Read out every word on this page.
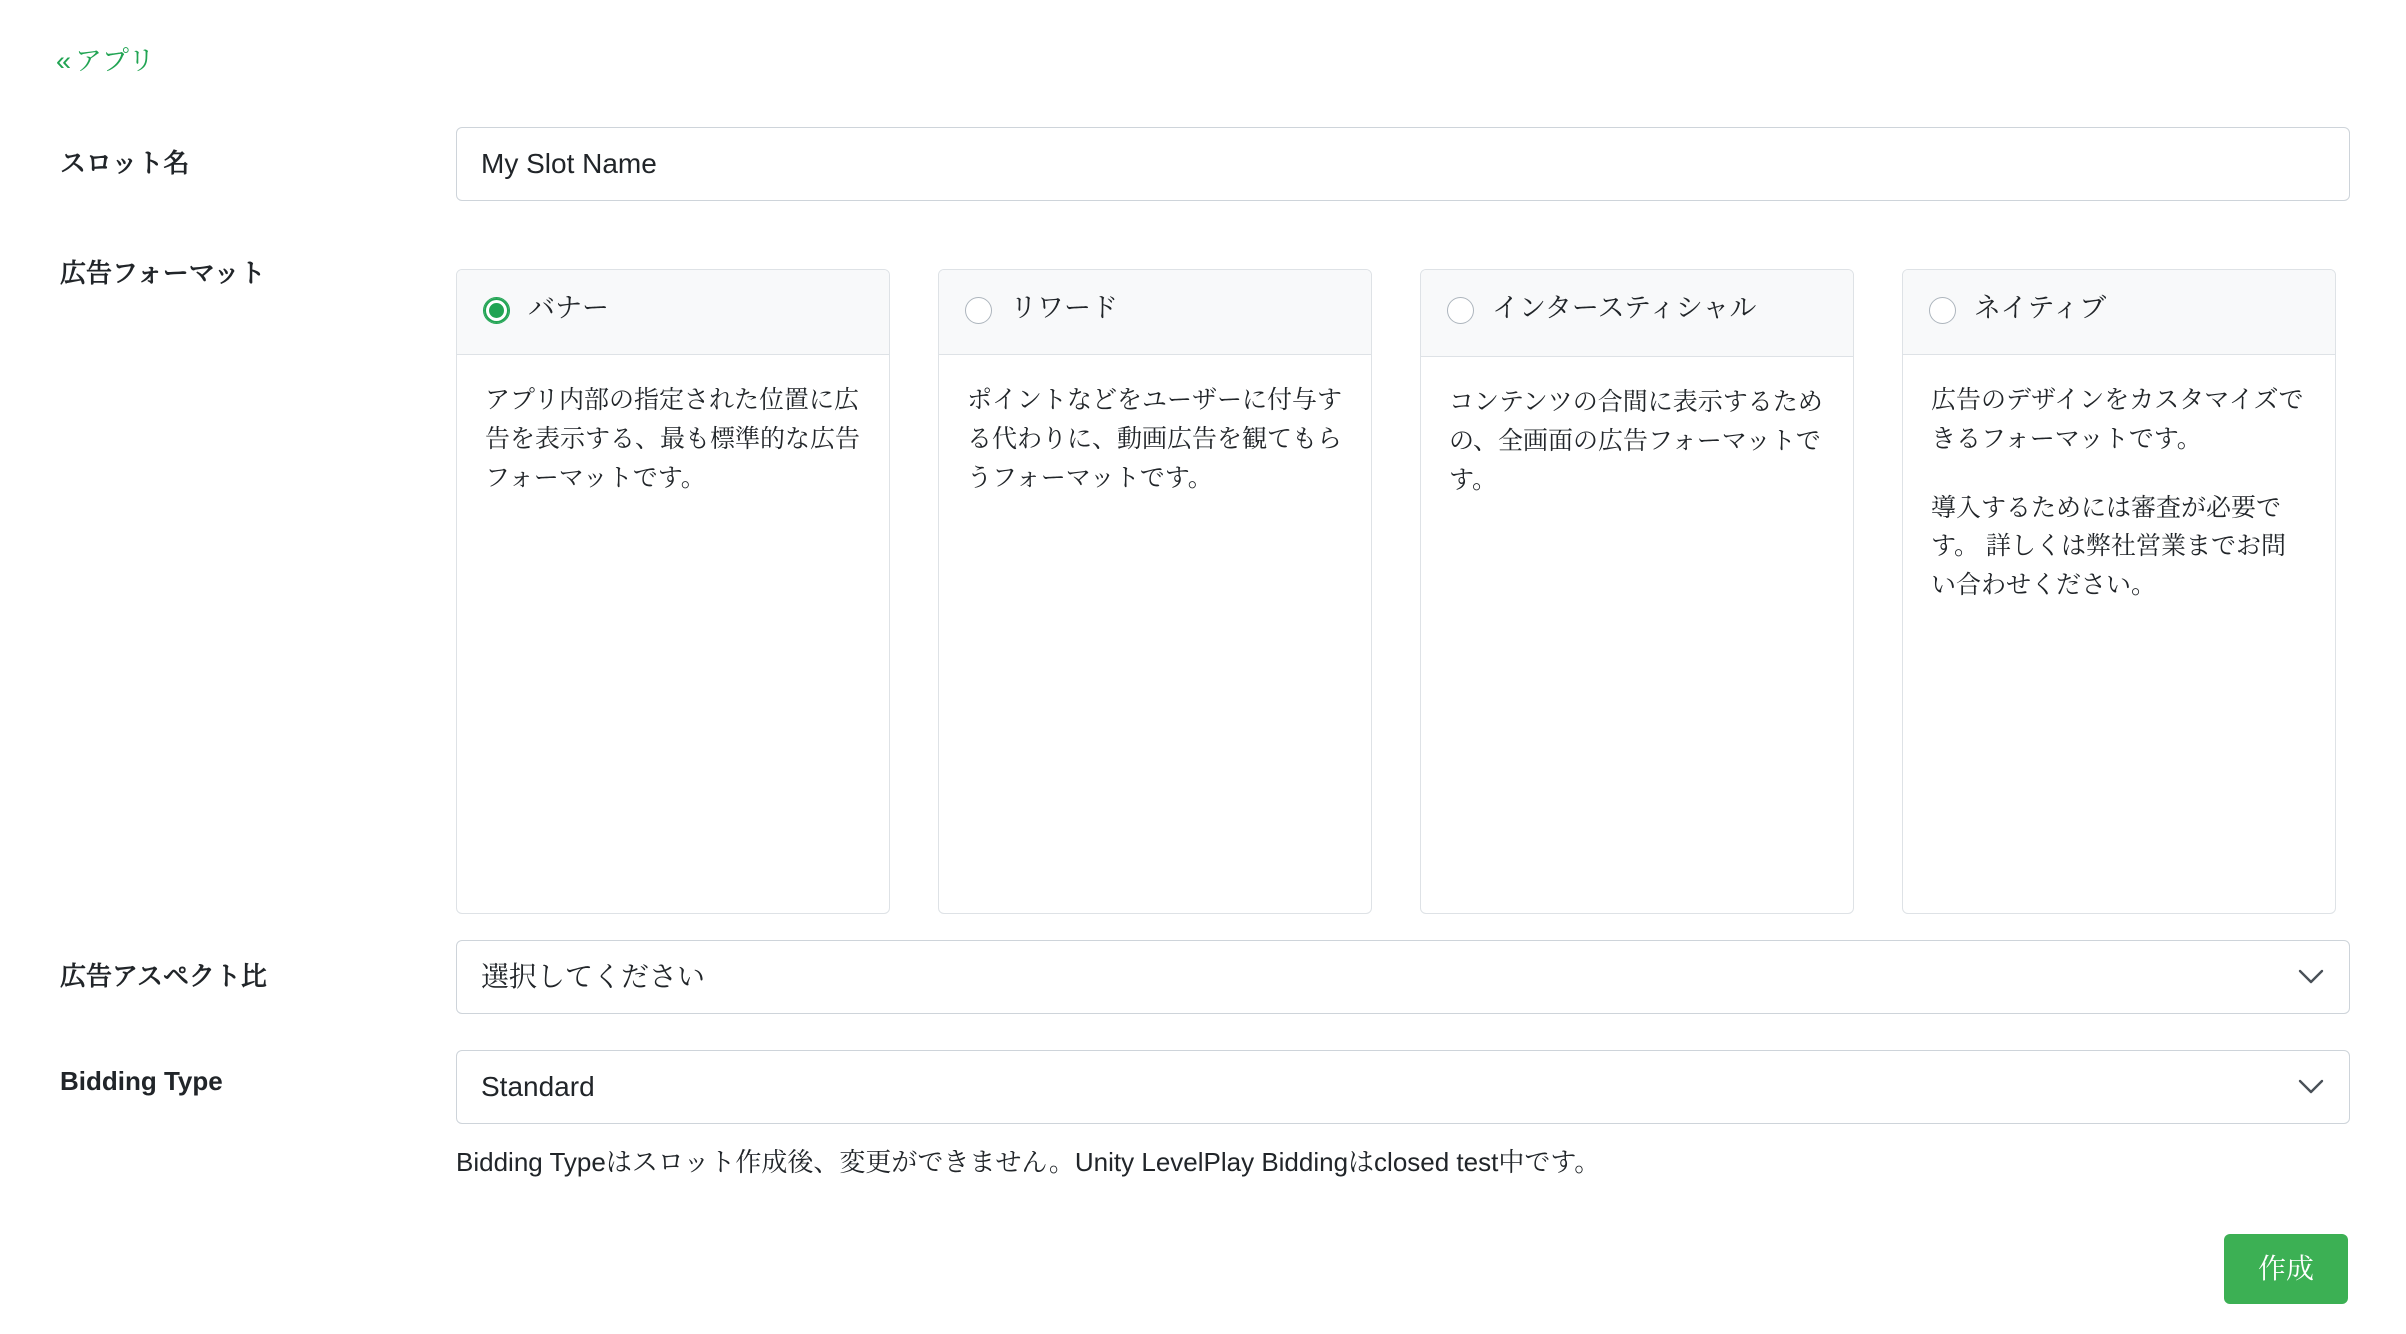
« アプリ
スロット名
My Slot Name
広告フォーマット
バナー

アプリ内部の指定された位置に広告を表示する、最も標準的な広告フォーマットです。

リワード

ポイントなどをユーザーに付与する代わりに、動画広告を観てもらうフォーマットです。

インタースティシャル

コンテンツの合間に表示するための、全画面の広告フォーマットです。

ネイティブ

広告のデザインをカスタマイズできるフォーマットです。

導入するためには審査が必要です。 詳しくは弊社営業までお問い合わせください。

広告アスペクト比	選択してください
Bidding Type	Standard
Bidding Typeはスロット作成後、変更ができません。Unity LevelPlay Biddingはclosed test中です。
作成
